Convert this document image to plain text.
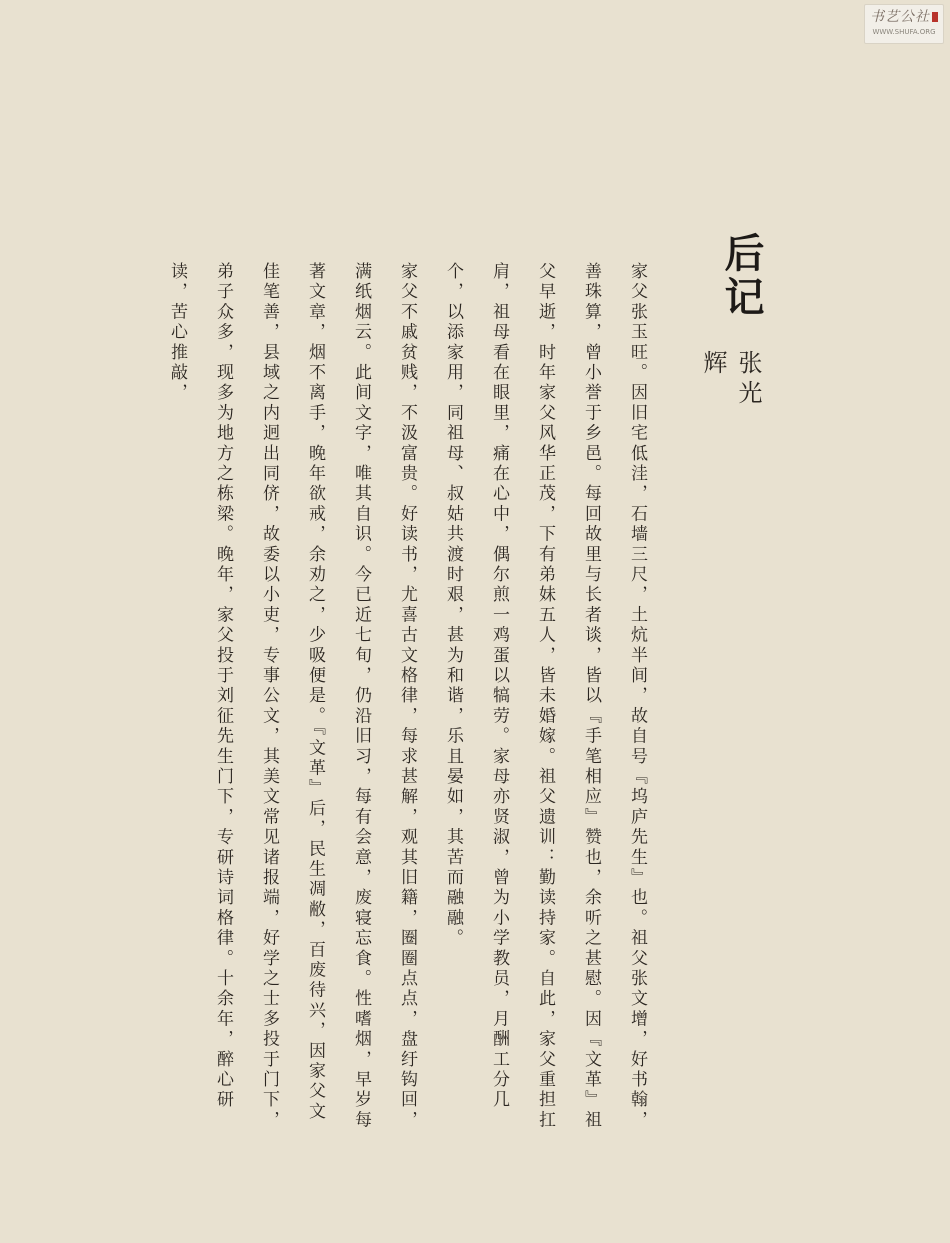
书艺公社
WWW.SHUFA.ORG
后记
张光辉

家父张玉旺。因旧宅低洼，石墙三尺，土炕半间，故自号『坞庐先生』也。祖父张文增，好书翰，善珠算，曾小誉于乡邑。每回故里与长者谈，皆以『手笔相应』赞也，余听之甚慰。因『文革』祖父早逝，时年家父风华正茂，下有弟妹五人，皆未婚嫁。祖父遗训：勤读持家。自此，家父重担扛肩，祖母看在眼里，痛在心中，偶尔煎一鸡蛋以犒劳。家母亦贤淑，曾为小学教员，月酬工分几个，以添家用，同祖母、叔姑共渡时艰，甚为和谐，乐且晏如，其苦而融融。

家父不戚贫贱，不汲富贵。好读书，尤喜古文格律，每求甚解，观其旧籍，圈圈点点，盘纡钩回，满纸烟云。此间文字，唯其自识。今已近七旬，仍沿旧习，每有会意，废寝忘食。性嗜烟，早岁每著文章，烟不离手，晚年欲戒，余劝之，少吸便是。『文革』后，民生凋敝，百废待兴，因家父文佳笔善，县域之内迥出同侪，故委以小吏，专事公文，其美文常见诸报端，好学之士多投于门下，弟子众多，现多为地方之栋梁。晚年，家父投于刘征先生门下，专研诗词格律。十余年，醉心研读，苦心推敲，
